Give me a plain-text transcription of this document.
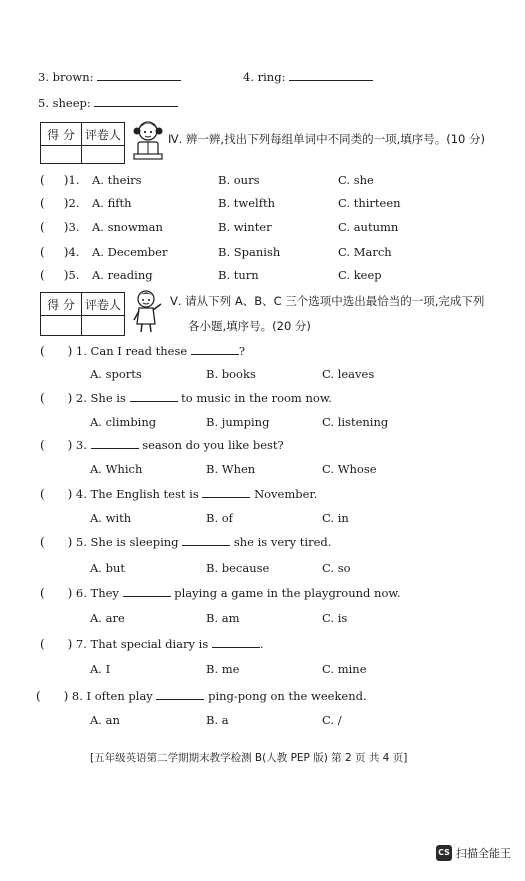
3. brown:	4. ring:
5. sheep:
得 分 评卷人	Ⅳ. 辨一辨,找出下列每组单词中不同类的一项,填序号。(10 分)
(     )1. A. theirs	B. ours	C. she
(     )2. A. fifth	B. twelfth	C. thirteen
(     )3. A. snowman	B. winter	C. autumn
(     )4. A. December	B. Spanish	C. March
(     )5. A. reading	B. turn	C. keep
得 分 评卷人	Ⅴ. 请从下列 A、B、C 三个选项中选出最恰当的一项,完成下列
各小题,填序号。(20 分)
(      ) 1. Can I read these	?
A. sports	B. books	C. leaves
(      ) 2. She is	to music in the room now.
A. climbing	B. jumping	C. listening
(      ) 3.	season do you like best?
A. Which	B. When	C. Whose
(      ) 4. The English test is	November.
A. with	B. of	C. in
(      ) 5. She is sleeping	she is very tired.
A. but	B. because	C. so
(      ) 6. They	playing a game in the playground now.
A. are	B. am	C. is
(      ) 7. That special diary is	.
A. I	B. me	C. mine
(      ) 8. I often play	ping-pong on the weekend.
A. an	B. a	C. /
[五年级英语第二学期期末教学检测 B(人教 PEP 版) 第 2 页 共 4 页]
CS 扫描全能王
